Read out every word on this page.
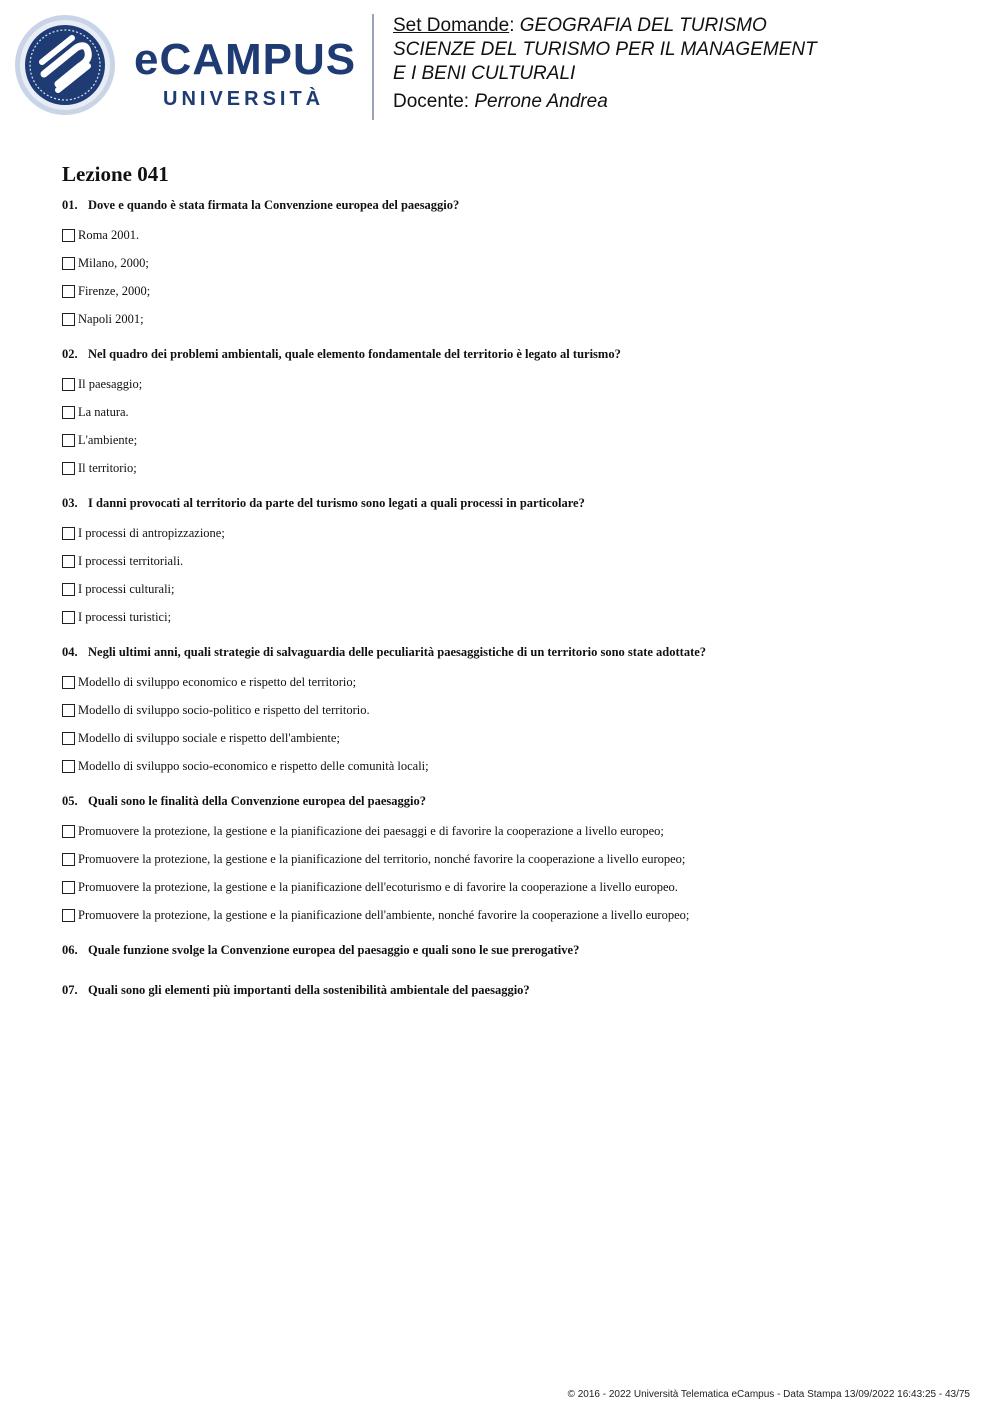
eCAMPUS
UNIVERSITÀ
Set Domande: GEOGRAFIA DEL TURISMO
SCIENZE DEL TURISMO PER IL MANAGEMENT
E I BENI CULTURALI
Docente: Perrone Andrea
Lezione 041

01. Dove e quando è stata firmata la Convenzione europea del paesaggio?

Roma 2001.
Milano, 2000;
Firenze, 2000;
Napoli 2001;

02. Nel quadro dei problemi ambientali, quale elemento fondamentale del territorio è legato al turismo?

Il paesaggio;
La natura.
L'ambiente;
Il territorio;

03. I danni provocati al territorio da parte del turismo sono legati a quali processi in particolare?

I processi di antropizzazione;
I processi territoriali.
I processi culturali;
I processi turistici;

04. Negli ultimi anni, quali strategie di salvaguardia delle peculiarità paesaggistiche di un territorio sono state adottate?

Modello di sviluppo economico e rispetto del territorio;
Modello di sviluppo socio-politico e rispetto del territorio.
Modello di sviluppo sociale e rispetto dell'ambiente;
Modello di sviluppo socio-economico e rispetto delle comunità locali;

05. Quali sono le finalità della Convenzione europea del paesaggio?

Promuovere la protezione, la gestione e la pianificazione dei paesaggi e di favorire la cooperazione a livello europeo;
Promuovere la protezione, la gestione e la pianificazione del territorio, nonché favorire la cooperazione a livello europeo;
Promuovere la protezione, la gestione e la pianificazione dell'ecoturismo e di favorire la cooperazione a livello europeo.
Promuovere la protezione, la gestione e la pianificazione dell'ambiente, nonché favorire la cooperazione a livello europeo;

06. Quale funzione svolge la Convenzione europea del paesaggio e quali sono le sue prerogative?

07. Quali sono gli elementi più importanti della sostenibilità ambientale del paesaggio?

© 2016 - 2022 Università Telematica eCampus - Data Stampa 13/09/2022 16:43:25 - 43/75
